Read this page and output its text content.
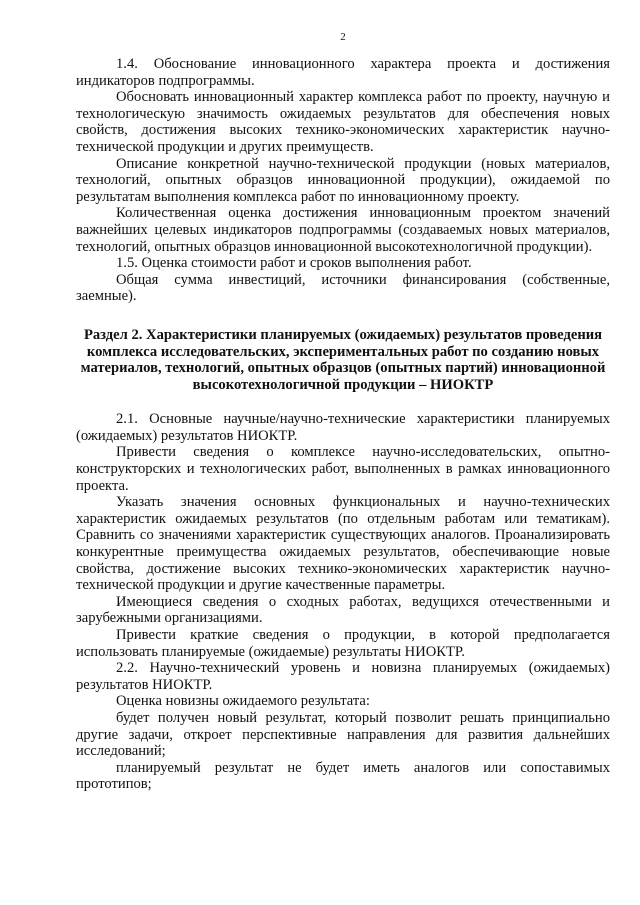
2

1.4. Обоснование инновационного характера проекта и достижения индикаторов подпрограммы.

Обосновать инновационный характер комплекса работ по проекту, научную и технологическую значимость ожидаемых результатов для обеспечения новых свойств, достижения высоких технико-экономических характеристик научно-технической продукции и других преимуществ.

Описание конкретной научно-технической продукции (новых материалов, технологий, опытных образцов инновационной продукции), ожидаемой по результатам выполнения комплекса работ по инновационному проекту.

Количественная оценка достижения инновационным проектом значений важнейших целевых индикаторов подпрограммы (создаваемых новых материалов, технологий, опытных образцов инновационной высокотехнологичной продукции).

1.5. Оценка стоимости работ и сроков выполнения работ.

Общая сумма инвестиций, источники финансирования (собственные, заемные).

Раздел 2. Характеристики планируемых (ожидаемых) результатов проведения комплекса исследовательских, экспериментальных работ по созданию новых материалов, технологий, опытных образцов (опытных партий) инновационной высокотехнологичной продукции – НИОКТР

2.1. Основные научные/научно-технические характеристики планируемых (ожидаемых) результатов НИОКТР.

Привести сведения о комплексе научно-исследовательских, опытно-конструкторских и технологических работ, выполненных в рамках инновационного проекта.

Указать значения основных функциональных и научно-технических характеристик ожидаемых результатов (по отдельным работам или тематикам). Сравнить со значениями характеристик существующих аналогов. Проанализировать конкурентные преимущества ожидаемых результатов, обеспечивающие новые свойства, достижение высоких технико-экономических характеристик научно-технической продукции и другие качественные параметры.

Имеющиеся сведения о сходных работах, ведущихся отечественными и зарубежными организациями.

Привести краткие сведения о продукции, в которой предполагается использовать планируемые (ожидаемые) результаты НИОКТР.

2.2. Научно-технический уровень и новизна планируемых (ожидаемых) результатов НИОКТР.

Оценка новизны ожидаемого результата:

будет получен новый результат, который позволит решать принципиально другие задачи, откроет перспективные направления для развития дальнейших исследований;

планируемый результат не будет иметь аналогов или сопоставимых прототипов;
